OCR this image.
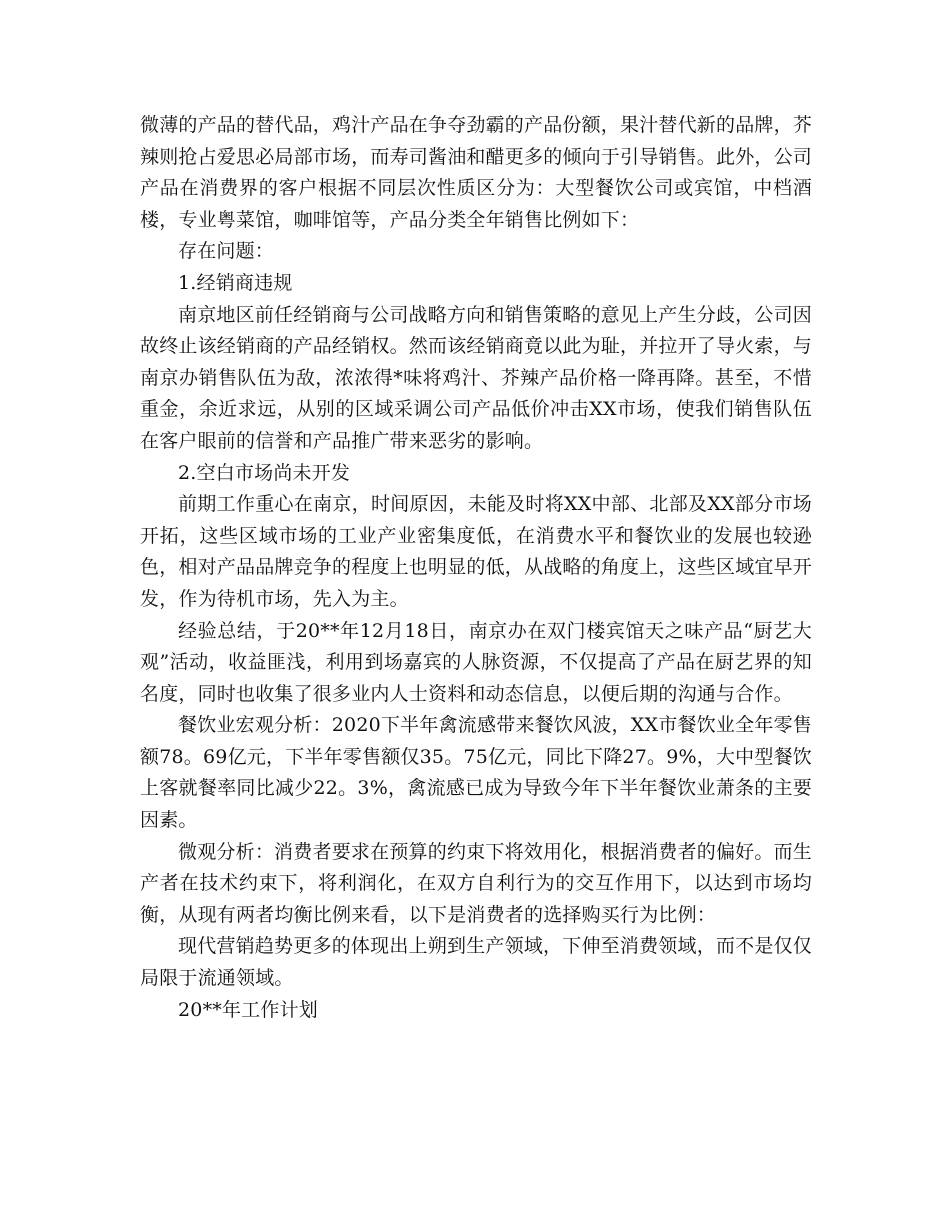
微薄的产品的替代品，鸡汁产品在争夺劲霸的产品份额，果汁替代新的品牌，芥辣则抢占爱思必局部市场，而寿司酱油和醋更多的倾向于引导销售。此外，公司产品在消费界的客户根据不同层次性质区分为：大型餐饮公司或宾馆，中档酒楼，专业粤菜馆，咖啡馆等，产品分类全年销售比例如下：

存在问题：

1.经销商违规

南京地区前任经销商与公司战略方向和销售策略的意见上产生分歧，公司因故终止该经销商的产品经销权。然而该经销商竟以此为耻，并拉开了导火索，与南京办销售队伍为敌，浓浓得*味将鸡汁、芥辣产品价格一降再降。甚至，不惜重金，余近求远，从别的区域采调公司产品低价冲击XX市场，使我们销售队伍在客户眼前的信誉和产品推广带来恶劣的影响。

2.空白市场尚未开发

前期工作重心在南京，时间原因，未能及时将XX中部、北部及XX部分市场开拓，这些区域市场的工业产业密集度低，在消费水平和餐饮业的发展也较逊色，相对产品品牌竞争的程度上也明显的低，从战略的角度上，这些区域宜早开发，作为待机市场，先入为主。

经验总结，于20**年12月18日，南京办在双门楼宾馆天之味产品“厨艺大观”活动，收益匪浅，利用到场嘉宾的人脉资源，不仅提高了产品在厨艺界的知名度，同时也收集了很多业内人士资料和动态信息，以便后期的沟通与合作。

餐饮业宏观分析：2020下半年禽流感带来餐饮风波，XX市餐饮业全年零售额78。69亿元，下半年零售额仅35。75亿元，同比下降27。9%，大中型餐饮上客就餐率同比减少22。3%，禽流感已成为导致今年下半年餐饮业萧条的主要因素。

微观分析：消费者要求在预算的约束下将效用化，根据消费者的偏好。而生产者在技术约束下，将利润化，在双方自利行为的交互作用下，以达到市场均衡，从现有两者均衡比例来看，以下是消费者的选择购买行为比例：

现代营销趋势更多的体现出上朔到生产领域，下伸至消费领域，而不是仅仅局限于流通领域。

20**年工作计划
